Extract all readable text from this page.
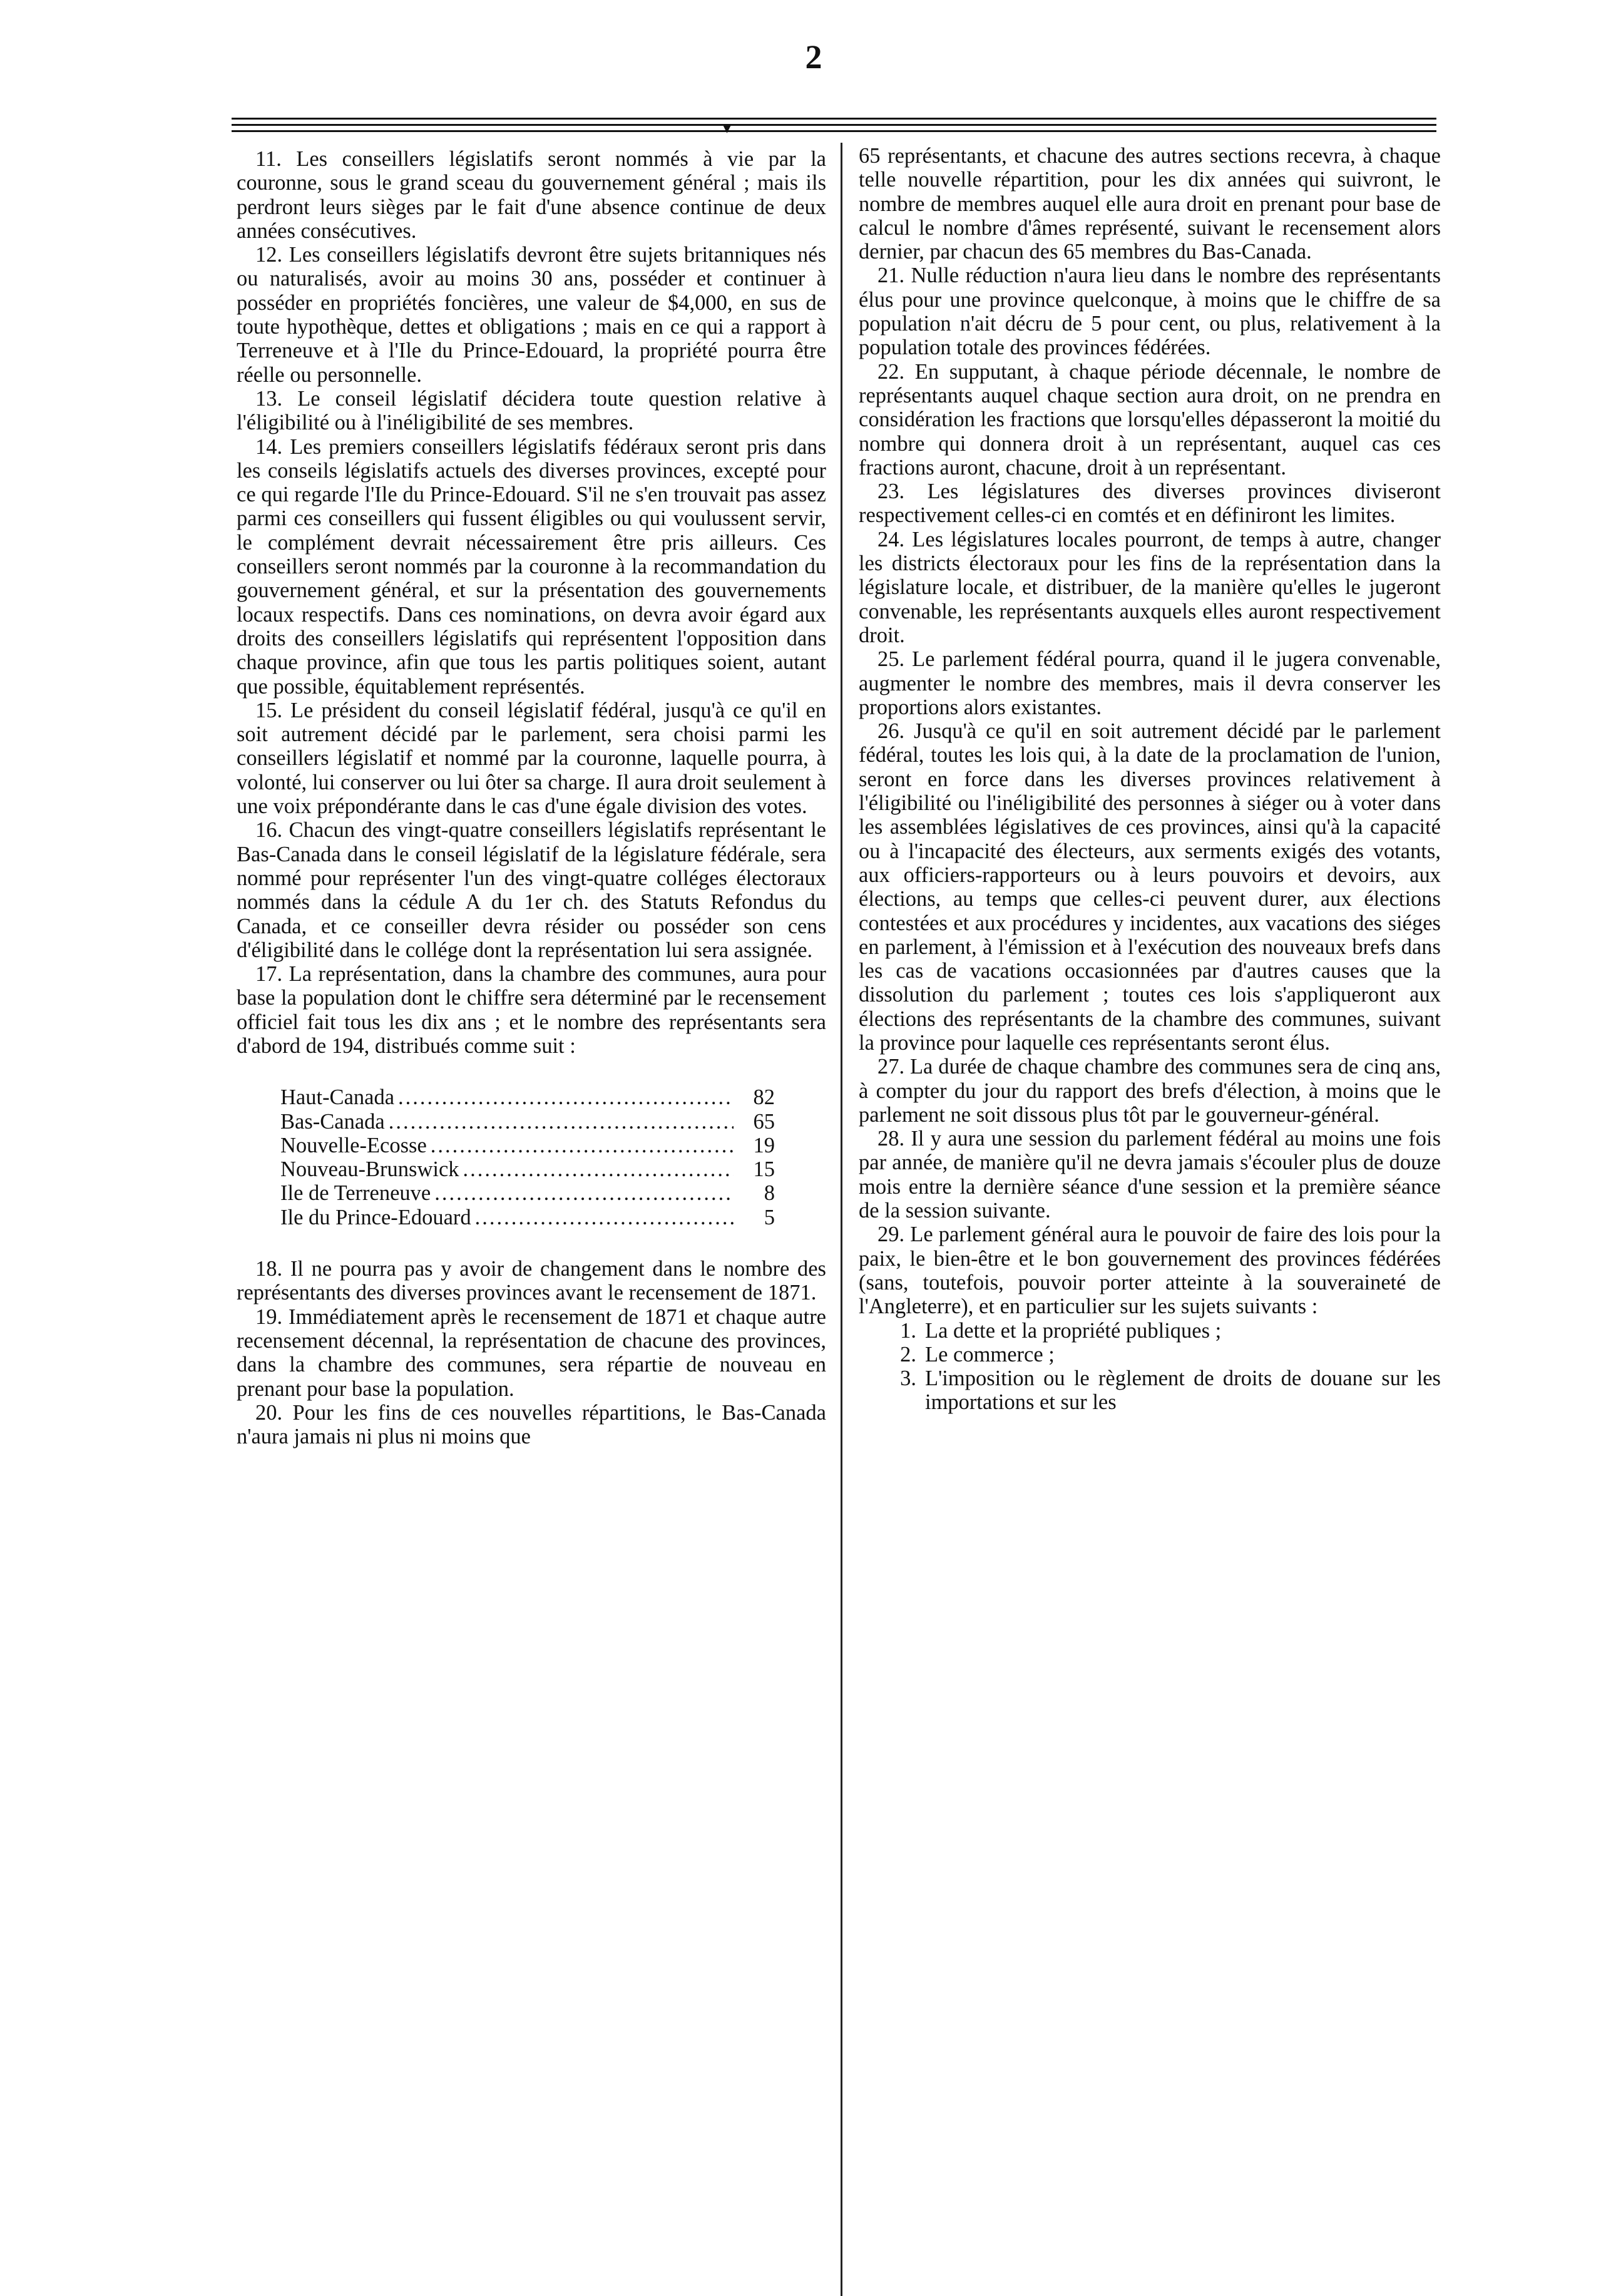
2
▾

11. Les conseillers législatifs seront nommés à vie par la couronne, sous le grand sceau du gouvernement général ; mais ils perdront leurs sièges par le fait d'une absence continue de deux années consécutives.

12. Les conseillers législatifs devront être sujets britanniques nés ou naturalisés, avoir au moins 30 ans, posséder et continuer à posséder en propriétés foncières, une valeur de $4,000, en sus de toute hypothèque, dettes et obligations ; mais en ce qui a rapport à Terreneuve et à l'Ile du Prince-Edouard, la propriété pourra être réelle ou personnelle.

13. Le conseil législatif décidera toute question relative à l'éligibilité ou à l'inéligibilité de ses membres.

14. Les premiers conseillers législatifs fédéraux seront pris dans les conseils législatifs actuels des diverses provinces, excepté pour ce qui regarde l'Ile du Prince-Edouard. S'il ne s'en trouvait pas assez parmi ces conseillers qui fussent éligibles ou qui voulussent servir, le complément devrait nécessairement être pris ailleurs. Ces conseillers seront nommés par la couronne à la recommandation du gouvernement général, et sur la présentation des gouvernements locaux respectifs. Dans ces nominations, on devra avoir égard aux droits des conseillers législatifs qui représentent l'opposition dans chaque province, afin que tous les partis politiques soient, autant que possible, équitablement représentés.

15. Le président du conseil législatif fédéral, jusqu'à ce qu'il en soit autrement décidé par le parlement, sera choisi parmi les conseillers législatif et nommé par la couronne, laquelle pourra, à volonté, lui conserver ou lui ôter sa charge. Il aura droit seulement à une voix prépondérante dans le cas d'une égale division des votes.

16. Chacun des vingt-quatre conseillers législatifs représentant le Bas-Canada dans le conseil législatif de la législature fédérale, sera nommé pour représenter l'un des vingt-quatre colléges électoraux nommés dans la cédule A du 1er ch. des Statuts Refondus du Canada, et ce conseiller devra résider ou posséder son cens d'éligibilité dans le collége dont la représentation lui sera assignée.

17. La représentation, dans la chambre des communes, aura pour base la population dont le chiffre sera déterminé par le recensement officiel fait tous les dix ans ; et le nombre des représentants sera d'abord de 194, distribués comme suit :

Haut-Canada .....	82
Bas-Canada .....	65
Nouvelle-Ecosse .....	19
Nouveau-Brunswick .....	15
Ile de Terreneuve .....	8
Ile du Prince-Edouard .....	5

18. Il ne pourra pas y avoir de changement dans le nombre des représentants des diverses provinces avant le recensement de 1871.

19. Immédiatement après le recensement de 1871 et chaque autre recensement décennal, la représentation de chacune des provinces, dans la chambre des communes, sera répartie de nouveau en prenant pour base la population.

20. Pour les fins de ces nouvelles répartitions, le Bas-Canada n'aura jamais ni plus ni moins que

65 représentants, et chacune des autres sections recevra, à chaque telle nouvelle répartition, pour les dix années qui suivront, le nombre de membres auquel elle aura droit en prenant pour base de calcul le nombre d'âmes représenté, suivant le recensement alors dernier, par chacun des 65 membres du Bas-Canada.

21. Nulle réduction n'aura lieu dans le nombre des représentants élus pour une province quelconque, à moins que le chiffre de sa population n'ait décru de 5 pour cent, ou plus, relativement à la population totale des provinces fédérées.

22. En supputant, à chaque période décennale, le nombre de représentants auquel chaque section aura droit, on ne prendra en considération les fractions que lorsqu'elles dépasseront la moitié du nombre qui donnera droit à un représentant, auquel cas ces fractions auront, chacune, droit à un représentant.

23. Les législatures des diverses provinces diviseront respectivement celles-ci en comtés et en définiront les limites.

24. Les législatures locales pourront, de temps à autre, changer les districts électoraux pour les fins de la représentation dans la législature locale, et distribuer, de la manière qu'elles le jugeront convenable, les représentants auxquels elles auront respectivement droit.

25. Le parlement fédéral pourra, quand il le jugera convenable, augmenter le nombre des membres, mais il devra conserver les proportions alors existantes.

26. Jusqu'à ce qu'il en soit autrement décidé par le parlement fédéral, toutes les lois qui, à la date de la proclamation de l'union, seront en force dans les diverses provinces relativement à l'éligibilité ou l'inéligibilité des personnes à siéger ou à voter dans les assemblées législatives de ces provinces, ainsi qu'à la capacité ou à l'incapacité des électeurs, aux serments exigés des votants, aux officiers-rapporteurs ou à leurs pouvoirs et devoirs, aux élections, au temps que celles-ci peuvent durer, aux élections contestées et aux procédures y incidentes, aux vacations des siéges en parlement, à l'émission et à l'exécution des nouveaux brefs dans les cas de vacations occasionnées par d'autres causes que la dissolution du parlement ; toutes ces lois s'appliqueront aux élections des représentants de la chambre des communes, suivant la province pour laquelle ces représentants seront élus.

27. La durée de chaque chambre des communes sera de cinq ans, à compter du jour du rapport des brefs d'élection, à moins que le parlement ne soit dissous plus tôt par le gouverneur-général.

28. Il y aura une session du parlement fédéral au moins une fois par année, de manière qu'il ne devra jamais s'écouler plus de douze mois entre la dernière séance d'une session et la première séance de la session suivante.

29. Le parlement général aura le pouvoir de faire des lois pour la paix, le bien-être et le bon gouvernement des provinces fédérées (sans, toutefois, pouvoir porter atteinte à la souveraineté de l'Angleterre), et en particulier sur les sujets suivants :

1. La dette et la propriété publiques ;
2. Le commerce ;
3. L'imposition ou le règlement de droits de douane sur les importations et sur les
